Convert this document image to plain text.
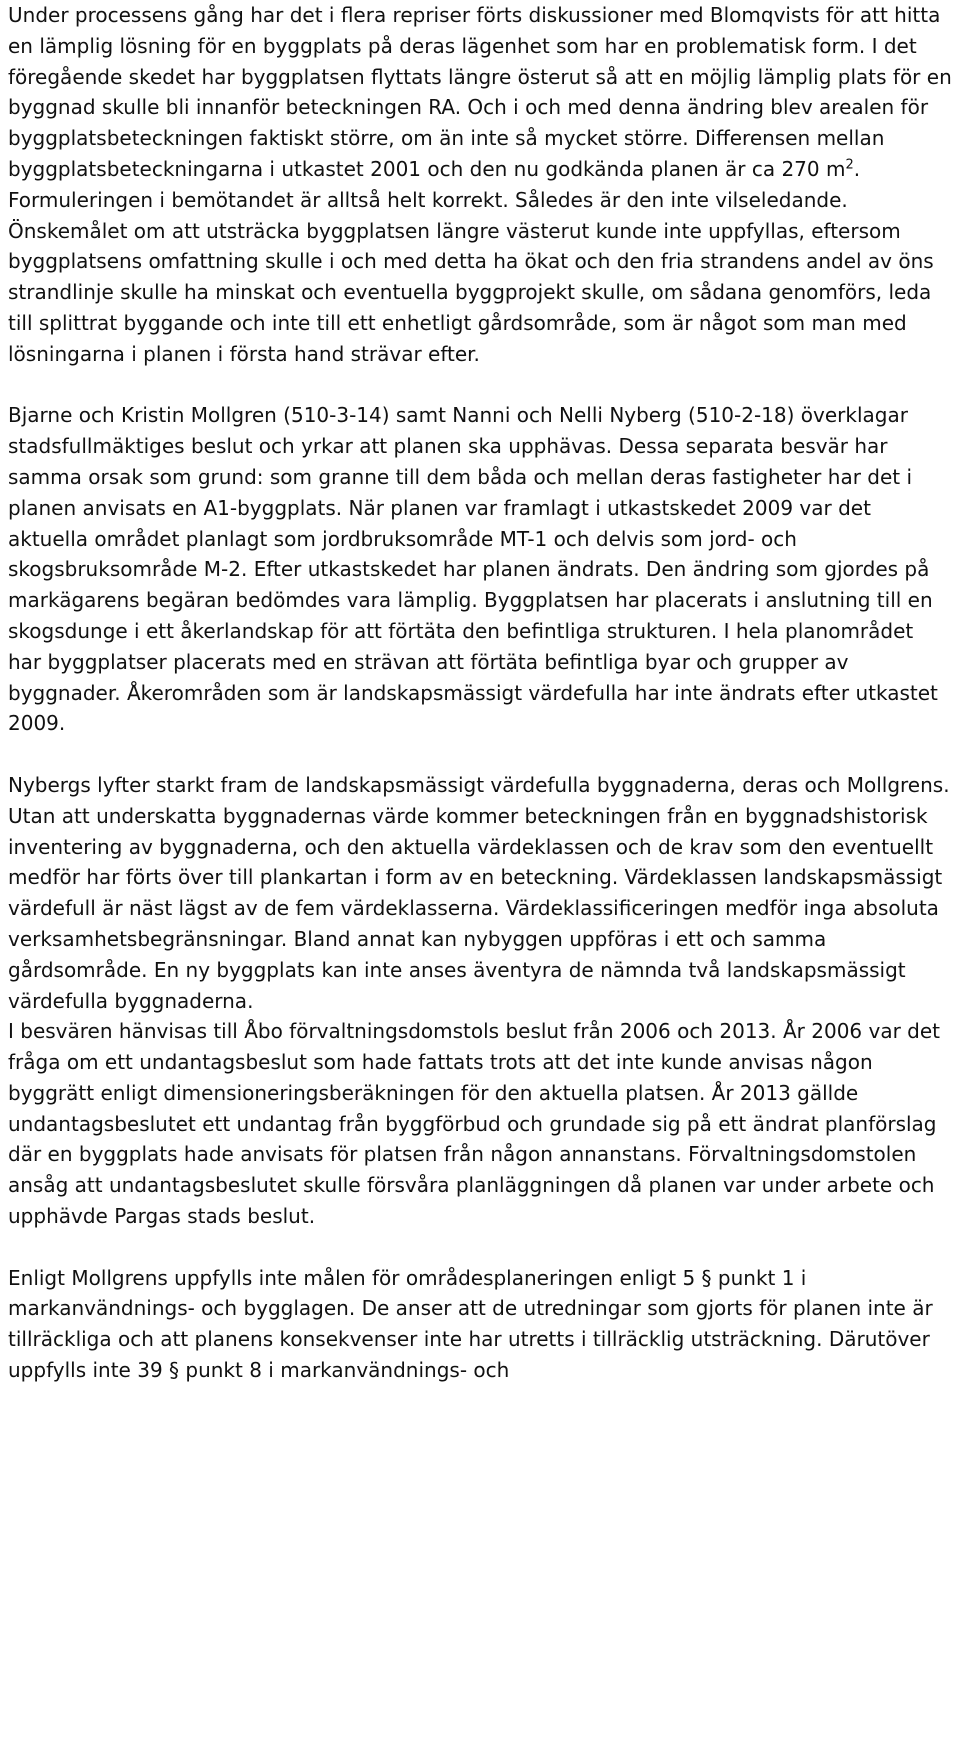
Under processens gång har det i flera repriser förts diskussioner med Blomqvists för att hitta en lämplig lösning för en byggplats på deras lägenhet som har en problematisk form. I det föregående skedet har byggplatsen flyttats längre österut så att en möjlig lämplig plats för en byggnad skulle bli innanför beteckningen RA. Och i och med denna ändring blev arealen för byggplatsbeteckningen faktiskt större, om än inte så mycket större. Differensen mellan byggplatsbeteckningarna i utkastet 2001 och den nu godkända planen är ca 270 $m^2$. Formuleringen i bemötandet är alltså helt korrekt. Således är den inte vilseledande. Önskemålet om att utsträcka byggplatsen längre västerut kunde inte uppfyllas, eftersom byggplatsens omfattning skulle i och med detta ha ökat och den fria strandens andel av öns strandlinje skulle ha minskat och eventuella byggprojekt skulle, om sådana genomförs, leda till splittrat byggande och inte till ett enhetligt gårdsområde, som är något som man med lösningarna i planen i första hand strävar efter.

Bjarne och Kristin Mollgren (510-3-14) samt Nanni och Nelli Nyberg (510-2-18) överklagar stadsfullmäktiges beslut och yrkar att planen ska upphävas. Dessa separata besvär har samma orsak som grund: som granne till dem båda och mellan deras fastigheter har det i planen anvisats en A1-byggplats. När planen var framlagt i utkastskedet 2009 var det aktuella området planlagt som jordbruksområde MT-1 och delvis som jord- och skogsbruksområde M-2. Efter utkastskedet har planen ändrats. Den ändring som gjordes på markägarens begäran bedömdes vara lämplig. Byggplatsen har placerats i anslutning till en skogsdunge i ett åkerlandskap för att förtäta den befintliga strukturen. I hela planområdet har byggplatser placerats med en strävan att förtäta befintliga byar och grupper av byggnader. Åkerområden som är landskapsmässigt värdefulla har inte ändrats efter utkastet 2009.

Nybergs lyfter starkt fram de landskapsmässigt värdefulla byggnaderna, deras och Mollgrens. Utan att underskatta byggnadernas värde kommer beteckningen från en byggnadshistorisk inventering av byggnaderna, och den aktuella värdeklassen och de krav som den eventuellt medför har förts över till plankartan i form av en beteckning. Värdeklassen landskapsmässigt värdefull är näst lägst av de fem värdeklasserna. Värdeklassificeringen medför inga absoluta verksamhetsbegränsningar. Bland annat kan nybyggen uppföras i ett och samma gårdsområde. En ny byggplats kan inte anses äventyra de nämnda två landskapsmässigt värdefulla byggnaderna.

I besvären hänvisas till Åbo förvaltningsdomstols beslut från 2006 och 2013. År 2006 var det fråga om ett undantagsbeslut som hade fattats trots att det inte kunde anvisas någon byggrätt enligt dimensioneringsberäkningen för den aktuella platsen. År 2013 gällde undantagsbeslutet ett undantag från byggförbud och grundade sig på ett ändrat planförslag där en byggplats hade anvisats för platsen från någon annanstans. Förvaltningsdomstolen ansåg att undantagsbeslutet skulle försvåra planläggningen då planen var under arbete och upphävde Pargas stads beslut.

Enligt Mollgrens uppfylls inte målen för områdesplaneringen enligt 5 § punkt 1 i markanvändnings- och bygglagen. De anser att de utredningar som gjorts för planen inte är tillräckliga och att planens konsekvenser inte har utretts i tillräcklig utsträckning. Därutöver uppfylls inte 39 § punkt 8 i markanvändnings- och
